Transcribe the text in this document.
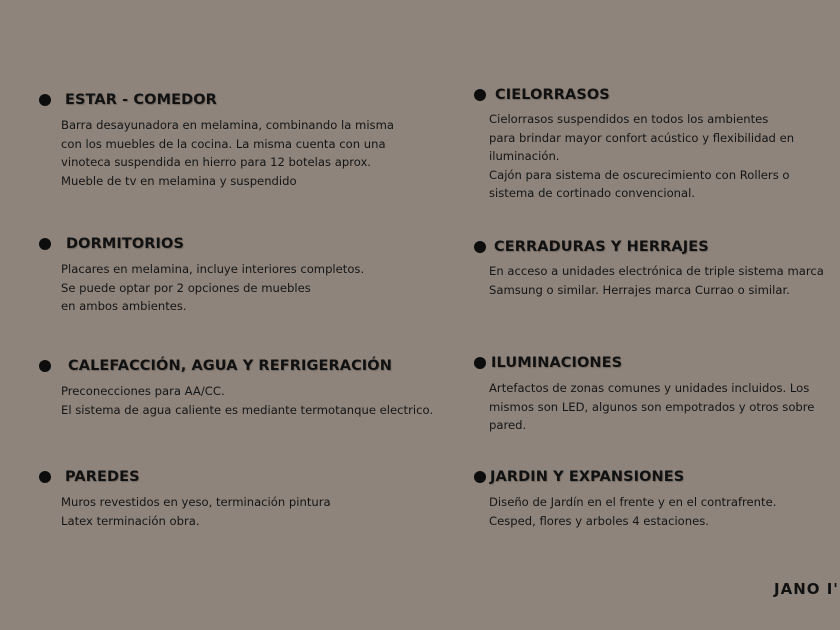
ESTAR - COMEDOR
Barra desayunadora en melamina, combinando la misma
con los muebles de la cocina. La misma cuenta con una
vinoteca suspendida en hierro para 12 botelas aprox.
Mueble de tv en melamina y suspendido
DORMITORIOS
Placares en melamina, incluye interiores completos.
Se puede optar por 2 opciones de muebles
en ambos ambientes.
CALEFACCIÓN, AGUA Y REFRIGERACIÓN
Preconecciones para AA/CC.
El sistema de agua caliente es mediante termotanque electrico.
PAREDES
Muros revestidos en yeso, terminación pintura
Latex terminación obra.
CIELORRASOS
Cielorrasos suspendidos en todos los ambientes
para brindar mayor confort acústico y flexibilidad en
iluminación.
Cajón para sistema de oscurecimiento con Rollers o
sistema de cortinado convencional.
CERRADURAS Y HERRAJES
En acceso a unidades electrónica de triple sistema marca
Samsung o similar. Herrajes marca Currao o similar.
ILUMINACIONES
Artefactos de zonas comunes y unidades incluidos. Los
mismos son LED, algunos son empotrados y otros sobre
pared.
JARDIN Y EXPANSIONES
Diseño de Jardín en el frente y en el contrafrente.
Cesped, flores y arboles 4 estaciones.
JANO I'
